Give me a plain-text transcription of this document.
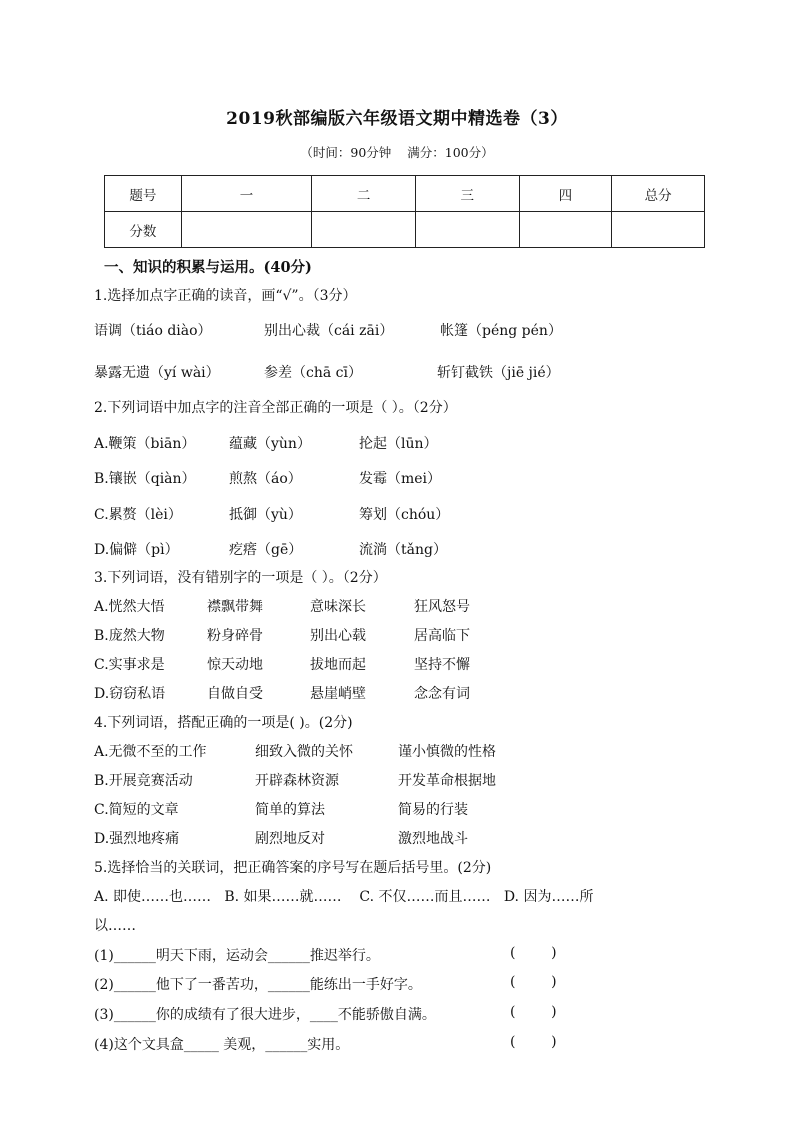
2019秋部编版六年级语文期中精选卷（3）
（时间：90分钟 满分：100分）
题号	一	二	三	四	总分
分数					
一、知识的积累与运用。(40分)
1.选择加点字正确的读音，画“√”。（3分）
语调（tiáo diào）	别出心裁（cái zāi）	帐篷（péng pén）
暴露无遗（yí wài）	参差（chā cī）	斩钉截铁（jiē jié）
2.下列词语中加点字的注音全部正确的一项是（ ）。（2分）
A.鞭策（biān） 蕴藏（yùn）	抡起（lūn）
B.镶嵌（qiàn） 煎熬（áo）	发霉（mei）
C.累赘（lèi）	抵御（yù）	筹划（chóu）
D.偏僻（pì）	疙瘩（gē）	流淌（tǎng）
3.下列词语，没有错别字的一项是（ ）。（2分）
A.恍然大悟	襟飘带舞	意味深长	狂风怒号
B.庞然大物	粉身碎骨	别出心载	居高临下
C.实事求是	惊天动地	拔地而起	坚持不懈
D.窃窃私语	自做自受	悬崖峭壁	念念有词
4.下列词语，搭配正确的一项是( )。(2分)
A.无微不至的工作	细致入微的关怀	谨小慎微的性格
B.开展竞赛活动	开辟森林资源	开发革命根据地
C.简短的文章	简单的算法	简易的行装
D.强烈地疼痛	剧烈地反对	激烈地战斗
5.选择恰当的关联词，把正确答案的序号写在题后括号里。(2分)
A. 即使……也……   B. 如果……就……    C. 不仅……而且……   D. 因为……所
以……
(1)______明天下雨，运动会______推迟举行。	(        )
(2)______他下了一番苦功，______能练出一手好字。	(        )
(3)______你的成绩有了很大进步，____不能骄傲自满。	(        )
(4)这个文具盒_____ 美观，______实用。	(        )
